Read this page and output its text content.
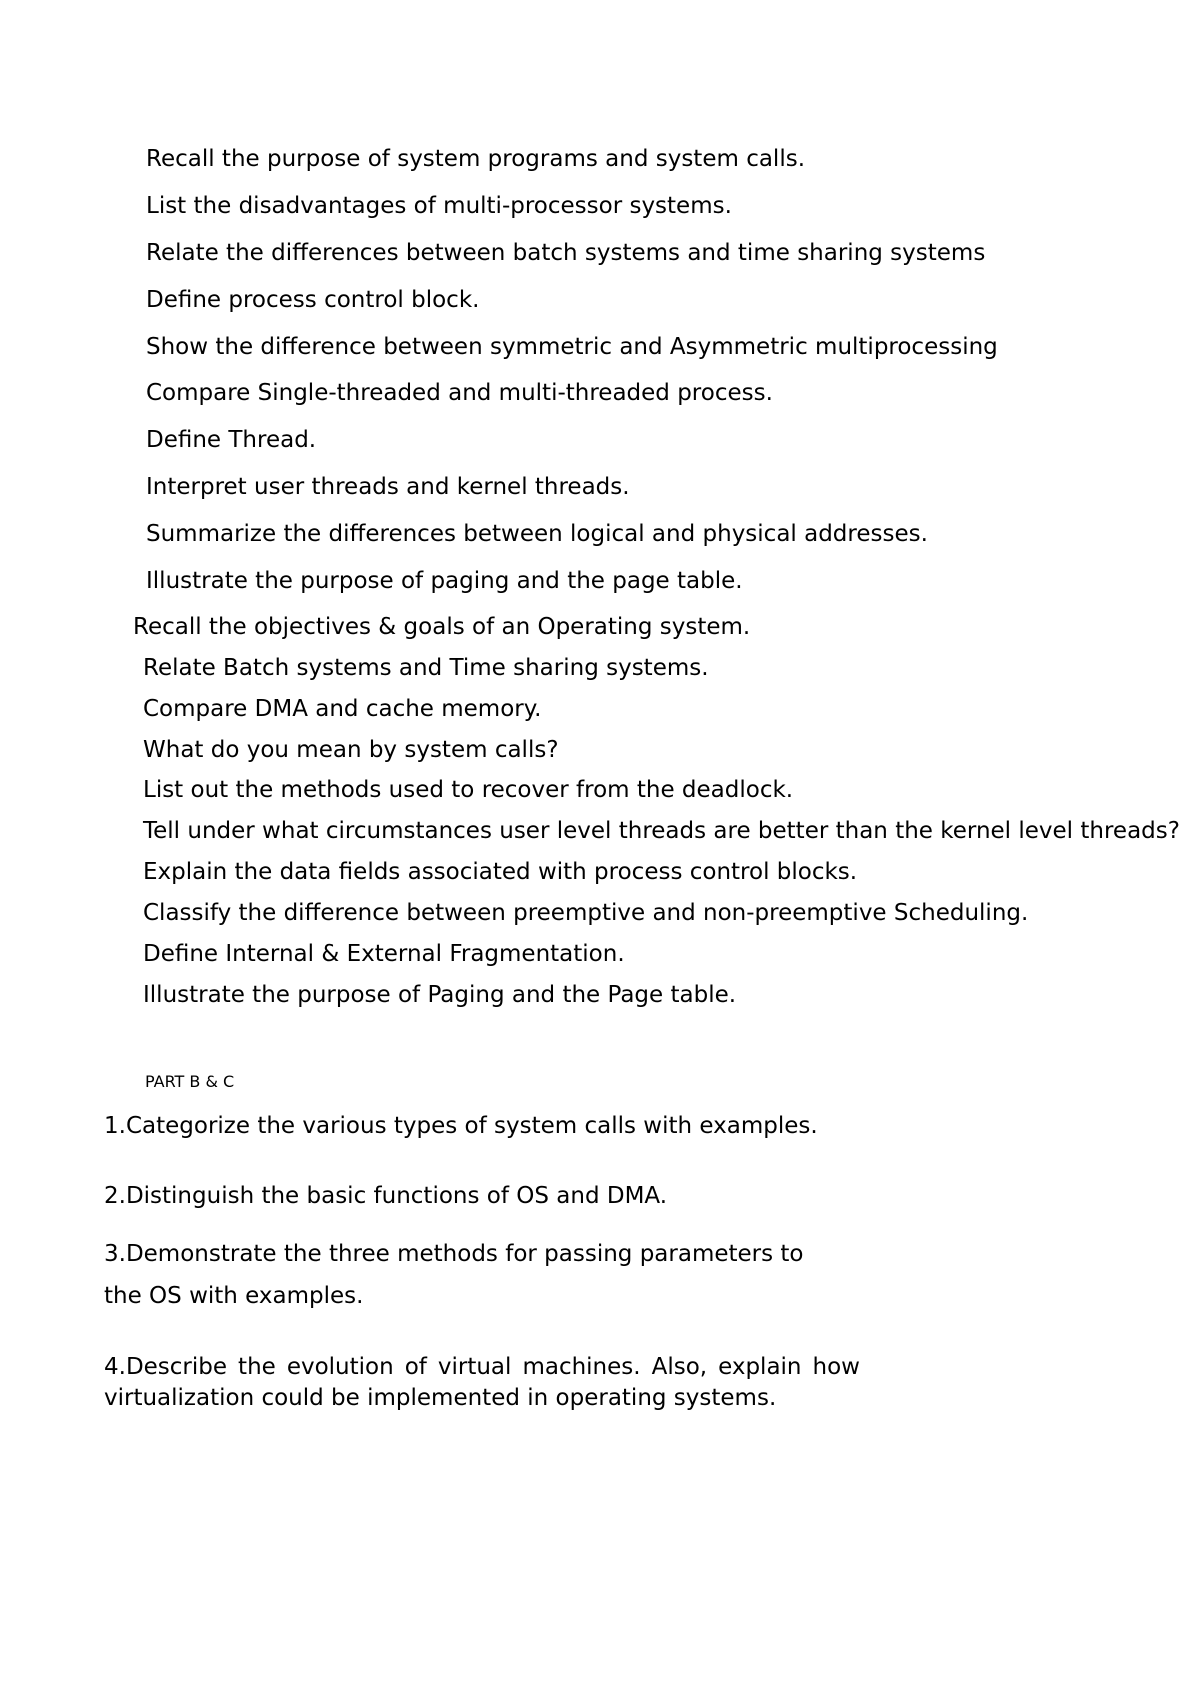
Recall the purpose of system programs and system calls.
List the disadvantages of multi-processor systems.
Relate the differences between batch systems and time sharing systems
Define process control block.
Show the difference between symmetric and Asymmetric multiprocessing
Compare Single-threaded and multi-threaded process.
Define Thread.
Interpret user threads and kernel threads.
Summarize the differences between logical and physical addresses.
Illustrate the purpose of paging and the page table.
Recall the objectives & goals of an Operating system.
Relate Batch systems and Time sharing systems.
Compare DMA and cache memory.
What do you mean by system calls?
List out the methods used to recover from the deadlock.
Tell under what circumstances user level threads are better than the kernel level threads?
Explain the data fields associated with process control blocks.
Classify the difference between preemptive and non-preemptive Scheduling.
Define Internal & External Fragmentation.
Illustrate the purpose of Paging and the Page table.
PART B & C
1.Categorize the various types of system calls with examples.
2.Distinguish the basic functions of OS and DMA.
3.Demonstrate the three methods for passing parameters to
the OS with examples.
4.Describe the evolution of virtual machines. Also, explain how virtualization could be implemented in operating systems.
